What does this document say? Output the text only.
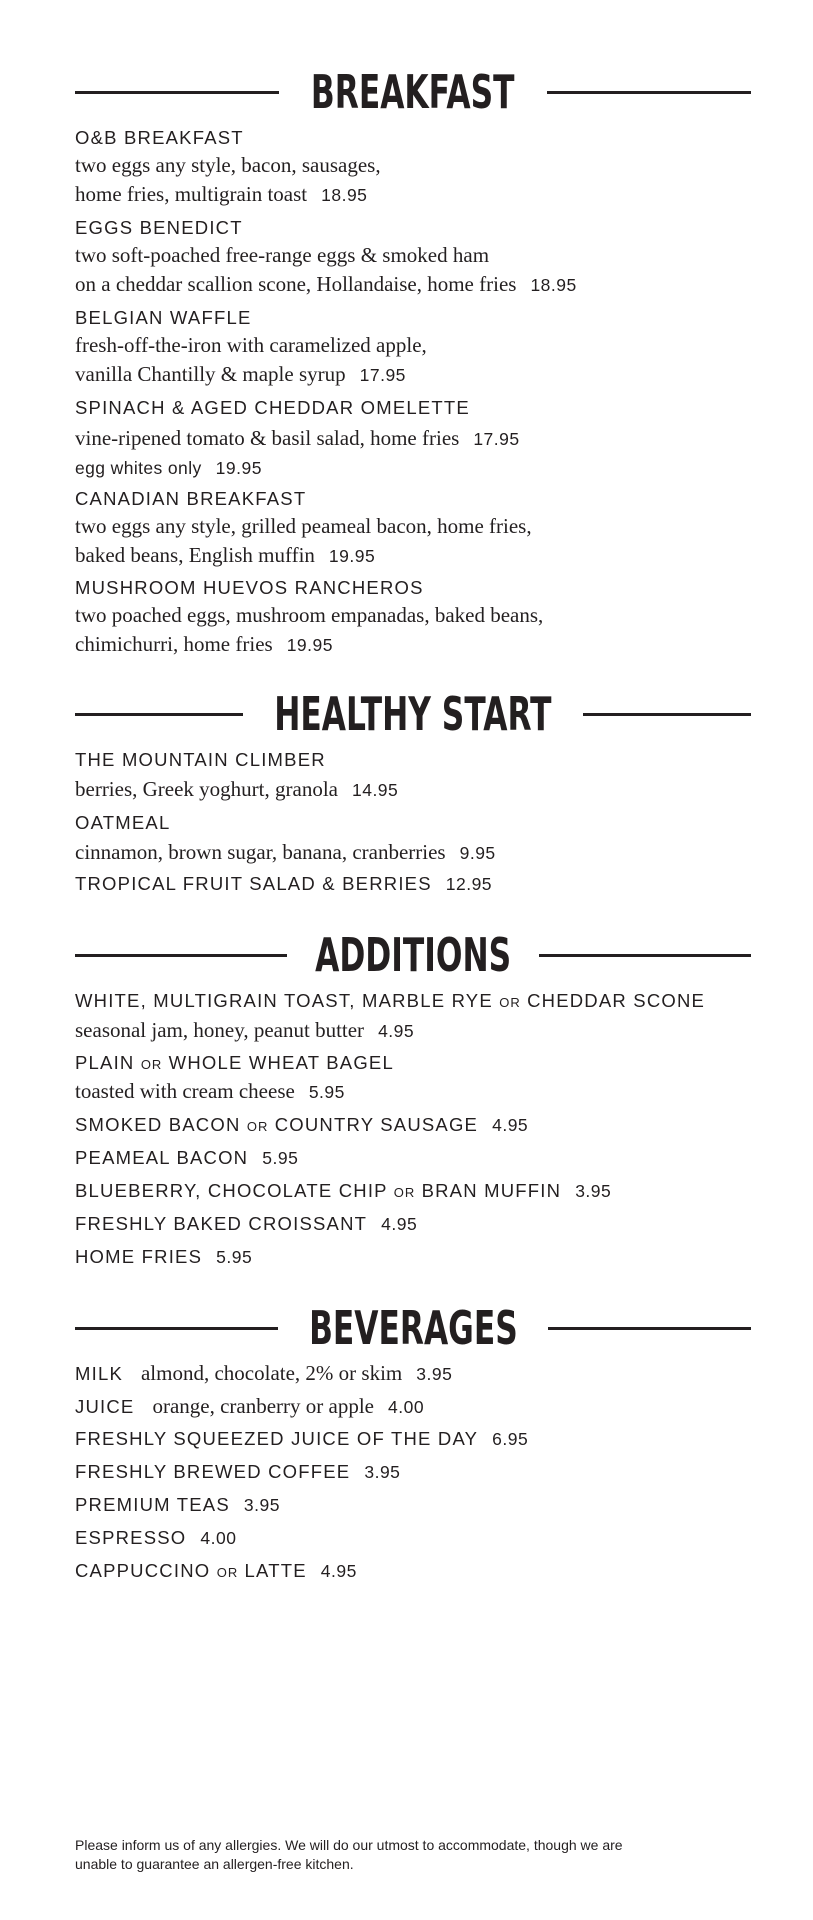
BREAKFAST
O&B BREAKFAST
two eggs any style, bacon, sausages,
home fries, multigrain toast 18.95
EGGS BENEDICT
two soft-poached free-range eggs & smoked ham
on a cheddar scallion scone, Hollandaise, home fries 18.95
BELGIAN WAFFLE
fresh-off-the-iron with caramelized apple,
vanilla Chantilly & maple syrup 17.95
SPINACH & AGED CHEDDAR OMELETTE
vine-ripened tomato & basil salad, home fries 17.95
egg whites only 19.95
CANADIAN BREAKFAST
two eggs any style, grilled peameal bacon, home fries,
baked beans, English muffin 19.95
MUSHROOM HUEVOS RANCHEROS
two poached eggs, mushroom empanadas, baked beans,
chimichurri, home fries 19.95
HEALTHY START
THE MOUNTAIN CLIMBER
berries, Greek yoghurt, granola 14.95
OATMEAL
cinnamon, brown sugar, banana, cranberries 9.95
TROPICAL FRUIT SALAD & BERRIES 12.95
ADDITIONS
WHITE, MULTIGRAIN TOAST, MARBLE RYE OR CHEDDAR SCONE
seasonal jam, honey, peanut butter 4.95
PLAIN OR WHOLE WHEAT BAGEL
toasted with cream cheese 5.95
SMOKED BACON OR COUNTRY SAUSAGE 4.95
PEAMEAL BACON 5.95
BLUEBERRY, CHOCOLATE CHIP OR BRAN MUFFIN 3.95
FRESHLY BAKED CROISSANT 4.95
HOME FRIES 5.95
BEVERAGES
MILK almond, chocolate, 2% or skim 3.95
JUICE orange, cranberry or apple 4.00
FRESHLY SQUEEZED JUICE OF THE DAY 6.95
FRESHLY BREWED COFFEE 3.95
PREMIUM TEAS 3.95
ESPRESSO 4.00
CAPPUCCINO OR LATTE 4.95
Please inform us of any allergies. We will do our utmost to accommodate, though we are
unable to guarantee an allergen-free kitchen.
